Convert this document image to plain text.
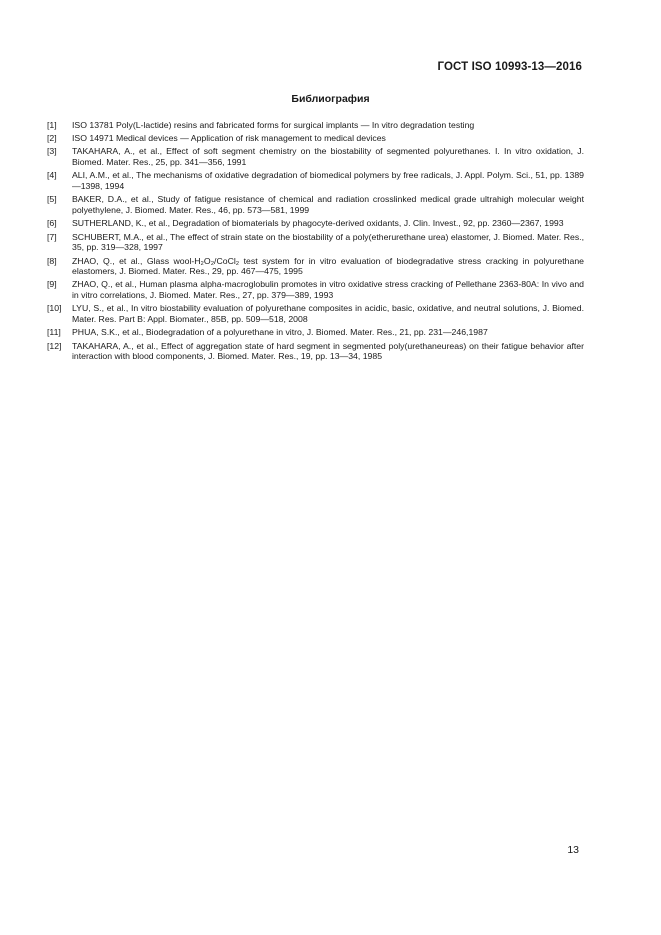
ГОСТ ISO 10993-13—2016
Библиография
[1]	ISO 13781 Poly(L-lactide) resins and fabricated forms for surgical implants — In vitro degradation testing
[2]	ISO 14971 Medical devices — Application of risk management to medical devices
[3]	TAKAHARA, A., et al., Effect of soft segment chemistry on the biostability of segmented polyurethanes. I. In vitro oxidation, J. Biomed. Mater. Res., 25, pp. 341—356, 1991
[4]	ALI, A.M., et al., The mechanisms of oxidative degradation of biomedical polymers by free radicals, J. Appl. Polym. Sci., 51, pp. 1389—1398, 1994
[5]	BAKER, D.A., et al., Study of fatigue resistance of chemical and radiation crosslinked medical grade ultrahigh molecular weight polyethylene, J. Biomed. Mater. Res., 46, pp. 573—581, 1999
[6]	SUTHERLAND, K., et al., Degradation of biomaterials by phagocyte-derived oxidants, J. Clin. Invest., 92, pp. 2360—2367, 1993
[7]	SCHUBERT, M.A., et al., The effect of strain state on the biostability of a poly(etherurethane urea) elastomer, J. Biomed. Mater. Res., 35, pp. 319—328, 1997
[8]	ZHAO, Q., et al., Glass wool-H₂O₂/CoCl₂ test system for in vitro evaluation of biodegradative stress cracking in polyurethane elastomers, J. Biomed. Mater. Res., 29, pp. 467—475, 1995
[9]	ZHAO, Q., et al., Human plasma alpha-macroglobulin promotes in vitro oxidative stress cracking of Pellethane 2363-80A: In vivo and in vitro correlations, J. Biomed. Mater. Res., 27, pp. 379—389, 1993
[10]	LYU, S., et al., In vitro biostability evaluation of polyurethane composites in acidic, basic, oxidative, and neutral solutions, J. Biomed. Mater. Res. Part B: Appl. Biomater., 85B, pp. 509—518, 2008
[11]	PHUA, S.K., et al., Biodegradation of a polyurethane in vitro, J. Biomed. Mater. Res., 21, pp. 231—246,1987
[12]	TAKAHARA, A., et al., Effect of aggregation state of hard segment in segmented poly(urethaneureas) on their fatigue behavior after interaction with blood components, J. Biomed. Mater. Res., 19, pp. 13—34, 1985
13
